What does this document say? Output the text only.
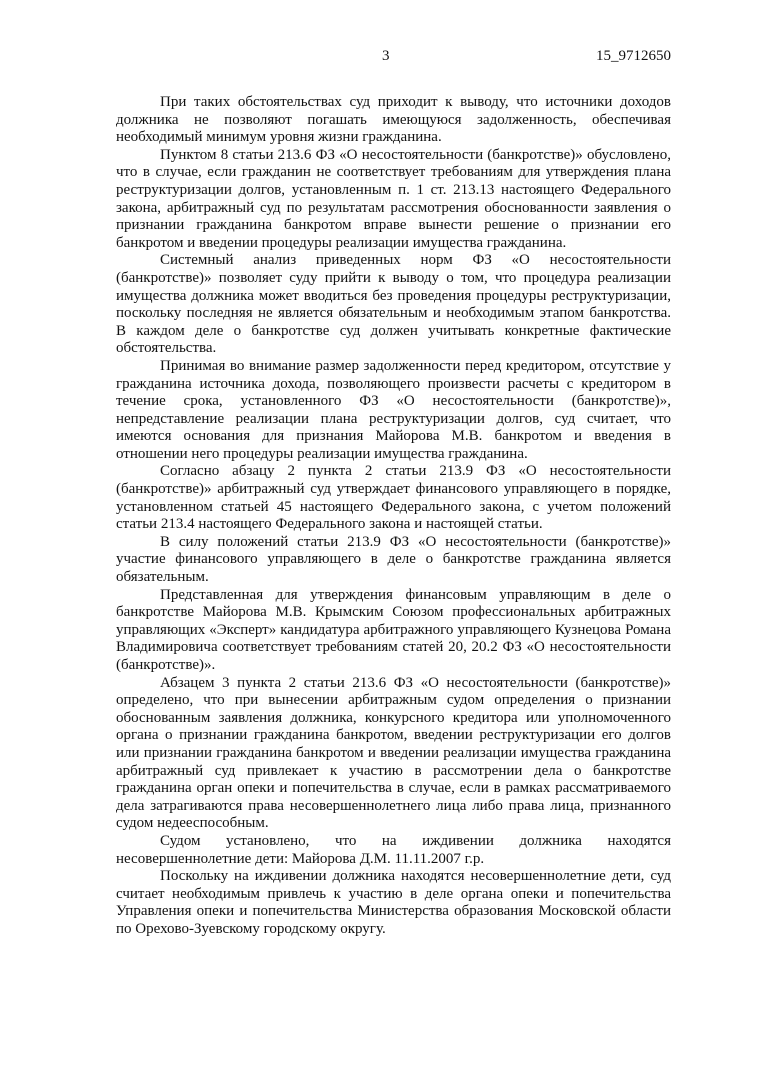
3	15_9712650

При таких обстоятельствах суд приходит к выводу, что источники доходов должника не позволяют погашать имеющуюся задолженность, обеспечивая необходимый минимум уровня жизни гражданина.

Пунктом 8 статьи 213.6 ФЗ «О несостоятельности (банкротстве)» обусловлено, что в случае, если гражданин не соответствует требованиям для утверждения плана реструктуризации долгов, установленным п. 1 ст. 213.13 настоящего Федерального закона, арбитражный суд по результатам рассмотрения обоснованности заявления о признании гражданина банкротом вправе вынести решение о признании его банкротом и введении процедуры реализации имущества гражданина.

Системный анализ приведенных норм ФЗ «О несостоятельности (банкротстве)» позволяет суду прийти к выводу о том, что процедура реализации имущества должника может вводиться без проведения процедуры реструктуризации, поскольку последняя не является обязательным и необходимым этапом банкротства. В каждом деле о банкротстве суд должен учитывать конкретные фактические обстоятельства.

Принимая во внимание размер задолженности перед кредитором, отсутствие у гражданина источника дохода, позволяющего произвести расчеты с кредитором в течение срока, установленного ФЗ «О несостоятельности (банкротстве)», непредставление реализации плана реструктуризации долгов, суд считает, что имеются основания для признания Майорова М.В. банкротом и введения в отношении него процедуры реализации имущества гражданина.

Согласно абзацу 2 пункта 2 статьи 213.9 ФЗ «О несостоятельности (банкротстве)» арбитражный суд утверждает финансового управляющего в порядке, установленном статьей 45 настоящего Федерального закона, с учетом положений статьи 213.4 настоящего Федерального закона и настоящей статьи.

В силу положений статьи 213.9 ФЗ «О несостоятельности (банкротстве)» участие финансового управляющего в деле о банкротстве гражданина является обязательным.

Представленная для утверждения финансовым управляющим в деле о банкротстве Майорова М.В. Крымским Союзом профессиональных арбитражных управляющих «Эксперт» кандидатура арбитражного управляющего Кузнецова Романа Владимировича соответствует требованиям статей 20, 20.2 ФЗ «О несостоятельности (банкротстве)».

Абзацем 3 пункта 2 статьи 213.6 ФЗ «О несостоятельности (банкротстве)» определено, что при вынесении арбитражным судом определения о признании обоснованным заявления должника, конкурсного кредитора или уполномоченного органа о признании гражданина банкротом, введении реструктуризации его долгов или признании гражданина банкротом и введении реализации имущества гражданина арбитражный суд привлекает к участию в рассмотрении дела о банкротстве гражданина орган опеки и попечительства в случае, если в рамках рассматриваемого дела затрагиваются права несовершеннолетнего лица либо права лица, признанного судом недееспособным.

Судом установлено, что на иждивении должника находятся несовершеннолетние дети: Майорова Д.М. 11.11.2007 г.р.

Поскольку на иждивении должника находятся несовершеннолетние дети, суд считает необходимым привлечь к участию в деле органа опеки и попечительства Управления опеки и попечительства Министерства образования Московской области по Орехово-Зуевскому городскому округу.
